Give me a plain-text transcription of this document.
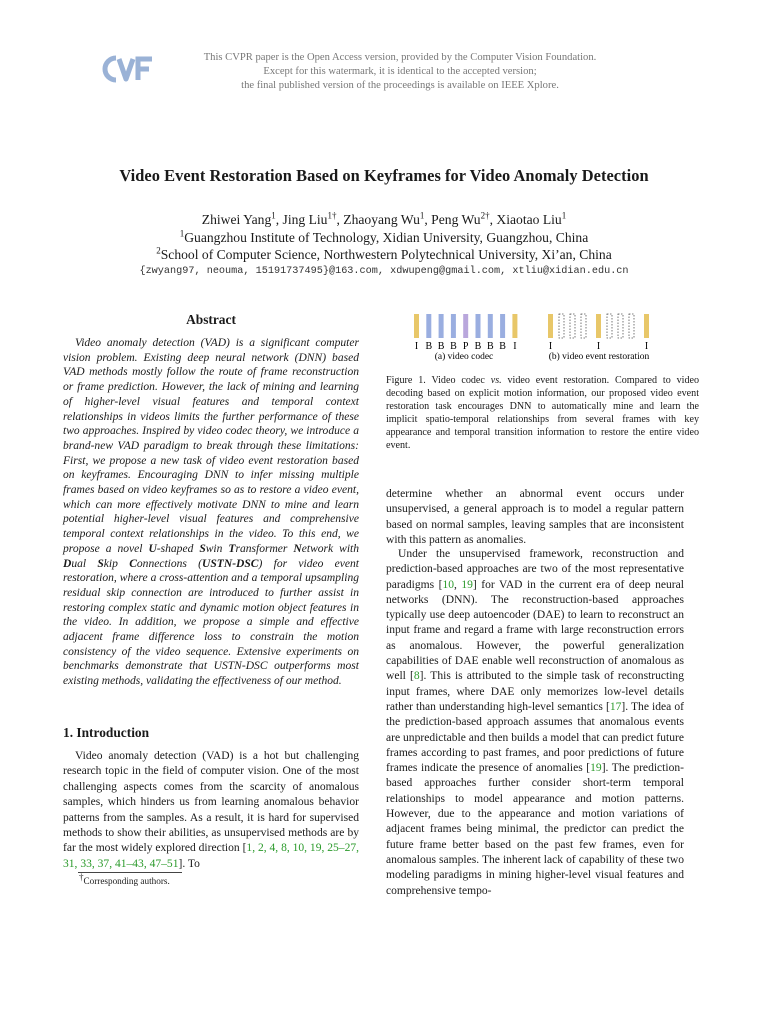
This CVPR paper is the Open Access version, provided by the Computer Vision Foundation.
Except for this watermark, it is identical to the accepted version;
the final published version of the proceedings is available on IEEE Xplore.
Video Event Restoration Based on Keyframes for Video Anomaly Detection
Zhiwei Yang$^1$, Jing Liu$^{1\dagger}$, Zhaoyang Wu$^1$, Peng $Wu^{2\dagger}$, Xiaotao Liu$^1$
$^1$Guangzhou Institute of Technology, Xidian University, Guangzhou, China
$^2$School of Computer Science, Northwestern Polytechnical University, Xi’an, China
{zwyang97, neouma, 15191737495}@163.com, xdwupeng@gmail.com, xtliu@xidian.edu.cn
Abstract
Video anomaly detection (VAD) is a significant computer vision problem. Existing deep neural network (DNN) based VAD methods mostly follow the route of frame reconstruction or frame prediction. However, the lack of mining and learning of higher-level visual features and temporal context relationships in videos limits the further performance of these two approaches. Inspired by video codec theory, we introduce a brand-new VAD paradigm to break through these limitations: First, we propose a new task of video event restoration based on keyframes. Encouraging DNN to infer missing multiple frames based on video keyframes so as to restore a video event, which can more effectively motivate DNN to mine and learn potential higher-level visual features and comprehensive temporal context relationships in the video. To this end, we propose a novel U-shaped Swin Transformer Network with Dual Skip Connections (USTN-DSC) for video event restoration, where a cross-attention and a temporal upsampling residual skip connection are introduced to further assist in restoring complex static and dynamic motion object features in the video. In addition, we propose a simple and effective adjacent frame difference loss to constrain the motion consistency of the video sequence. Extensive experiments on benchmarks demonstrate that USTN-DSC outperforms most existing methods, validating the effectiveness of our method.
1. Introduction
Video anomaly detection (VAD) is a hot but challenging research topic in the field of computer vision. One of the most challenging aspects comes from the scarcity of anomalous samples, which hinders us from learning anomalous behavior patterns from the samples. As a result, it is hard for supervised methods to show their abilities, as unsupervised methods are by far the most widely explored direction [1, 2, 4, 8, 10, 19, 25–27, 31, 33, 37, 41–43, 47–51]. To
†Corresponding authors.
I B B B P B B B I	I	I	I
(a) video codec	(b) video event restoration
Figure 1. Video codec vs. video event restoration. Compared to video decoding based on explicit motion information, our proposed video event restoration task encourages DNN to automatically mine and learn the implicit spatio-temporal relationships from several frames with key appearance and temporal transition information to restore the entire video event.
determine whether an abnormal event occurs under unsupervised, a general approach is to model a regular pattern based on normal samples, leaving samples that are inconsistent with this pattern as anomalies.
Under the unsupervised framework, reconstruction and prediction-based approaches are two of the most representative paradigms [10, 19] for VAD in the current era of deep neural networks (DNN). The reconstruction-based approaches typically use deep autoencoder (DAE) to learn to reconstruct an input frame and regard a frame with large reconstruction errors as anomalous. However, the powerful generalization capabilities of DAE enable well reconstruction of anomalous as well [8]. This is attributed to the simple task of reconstructing input frames, where DAE only memorizes low-level details rather than understanding high-level semantics [17]. The idea of the prediction-based approach assumes that anomalous events are unpredictable and then builds a model that can predict future frames according to past frames, and poor predictions of future frames indicate the presence of anomalies [19]. The prediction-based approaches further consider short-term temporal relationships to model appearance and motion patterns. However, due to the appearance and motion variations of adjacent frames being minimal, the predictor can predict the future frame better based on the past few frames, even for anomalous samples. The inherent lack of capability of these two modeling paradigms in mining higher-level visual features and comprehensive tempo-
